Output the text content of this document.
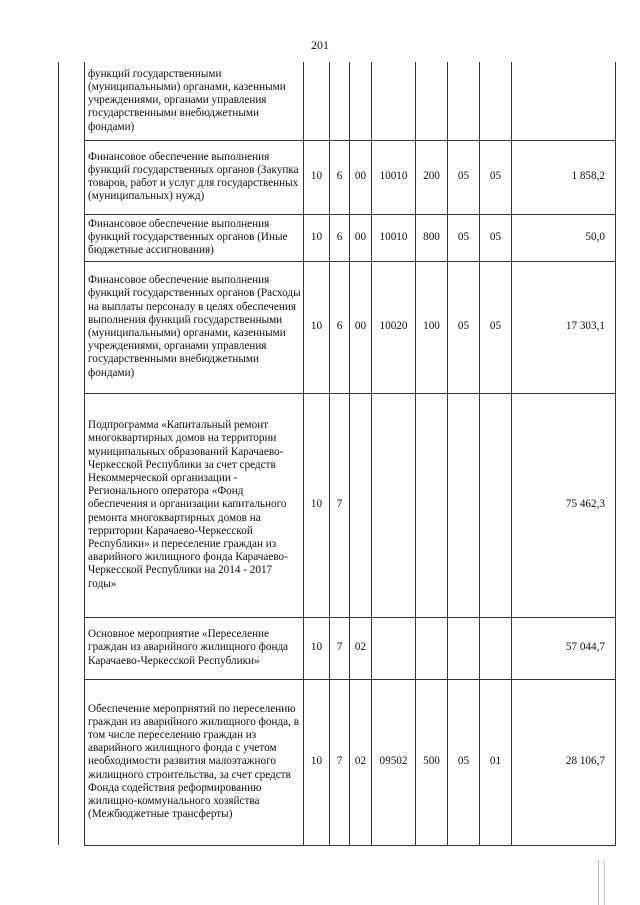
201
	функций государственными (муниципальными) органами, казенными учреждениями, органами управления государственными внебюджетными фондами)								
	Финансовое обеспечение выполнения функций государственных органов (Закупка товаров, работ и услуг для государственных (муниципальных) нужд)	10	6	00	10010	200	05	05	1 858,2
	Финансовое обеспечение выполнения функций государственных органов (Иные бюджетные ассигнования)	10	6	00	10010	800	05	05	50,0
	Финансовое обеспечение выполнения функций государственных органов (Расходы на выплаты персоналу в целях обеспечения выполнения функций государственными (муниципальными) органами, казенными учреждениями, органами управления государственными внебюджетными фондами)	10	6	00	10020	100	05	05	17 303,1
	Подпрограмма «Капитальный ремонт многоквартирных домов на территории муниципальных образований Карачаево-Черкесской Республики за счет средств Некоммерческой организации - Регионального оператора «Фонд обеспечения и организации капитального ремонта многоквартирных домов на территории Карачаево-Черкесской Республики» и переселение граждан из аварийного жилищного фонда Карачаево-Черкесской Республики на 2014 - 2017 годы»	10	7						75 462,3
	Основное мероприятие «Переселение граждан из аварийного жилищного фонда Карачаево-Черкесской Республики»	10	7	02					57 044,7
	Обеспечение мероприятий по переселению граждан из аварийного жилищного фонда, в том числе переселению граждан из аварийного жилищного фонда с учетом необходимости развития малоэтажного жилищного строительства, за счет средств Фонда содействия реформированию жилищно-коммунального хозяйства (Межбюджетные трансферты)	10	7	02	09502	500	05	01	28 106,7
